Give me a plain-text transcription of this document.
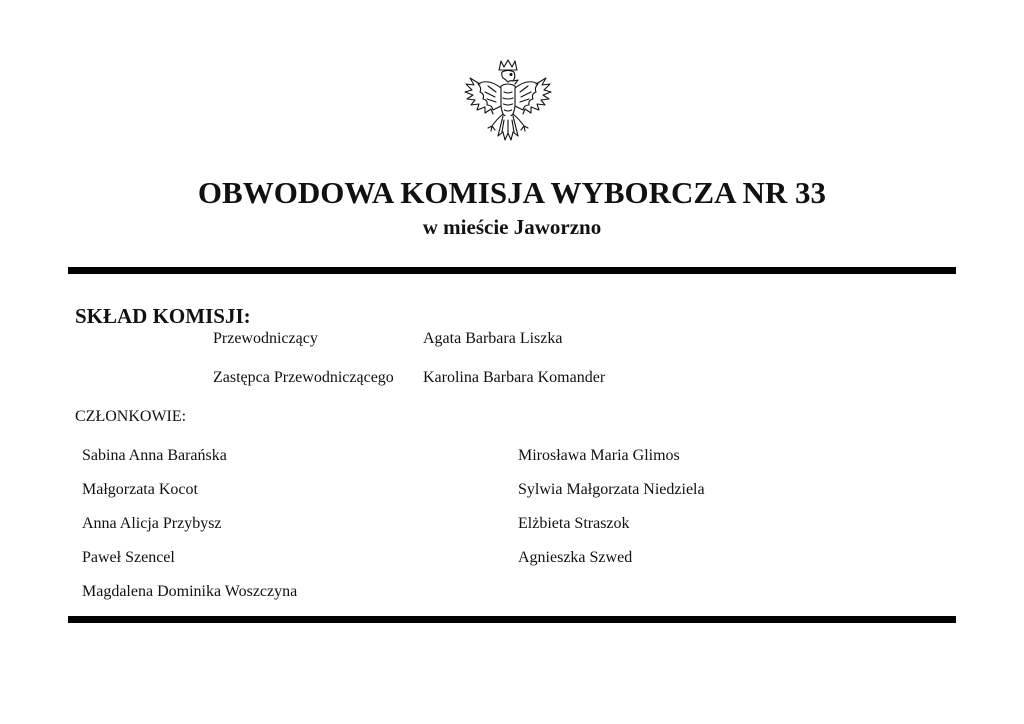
OBWODOWA KOMISJA WYBORCZA NR 33
w mieście Jaworzno
SKŁAD KOMISJI:
Przewodniczący	Agata Barbara Liszka
Zastępca Przewodniczącego Karolina Barbara Komander
CZŁONKOWIE:
Sabina Anna Barańska
Małgorzata Kocot
Anna Alicja Przybysz
Paweł Szencel
Magdalena Dominika Woszczyna
Mirosława Maria Glimos
Sylwia Małgorzata Niedziela
Elżbieta Straszok
Agnieszka Szwed
